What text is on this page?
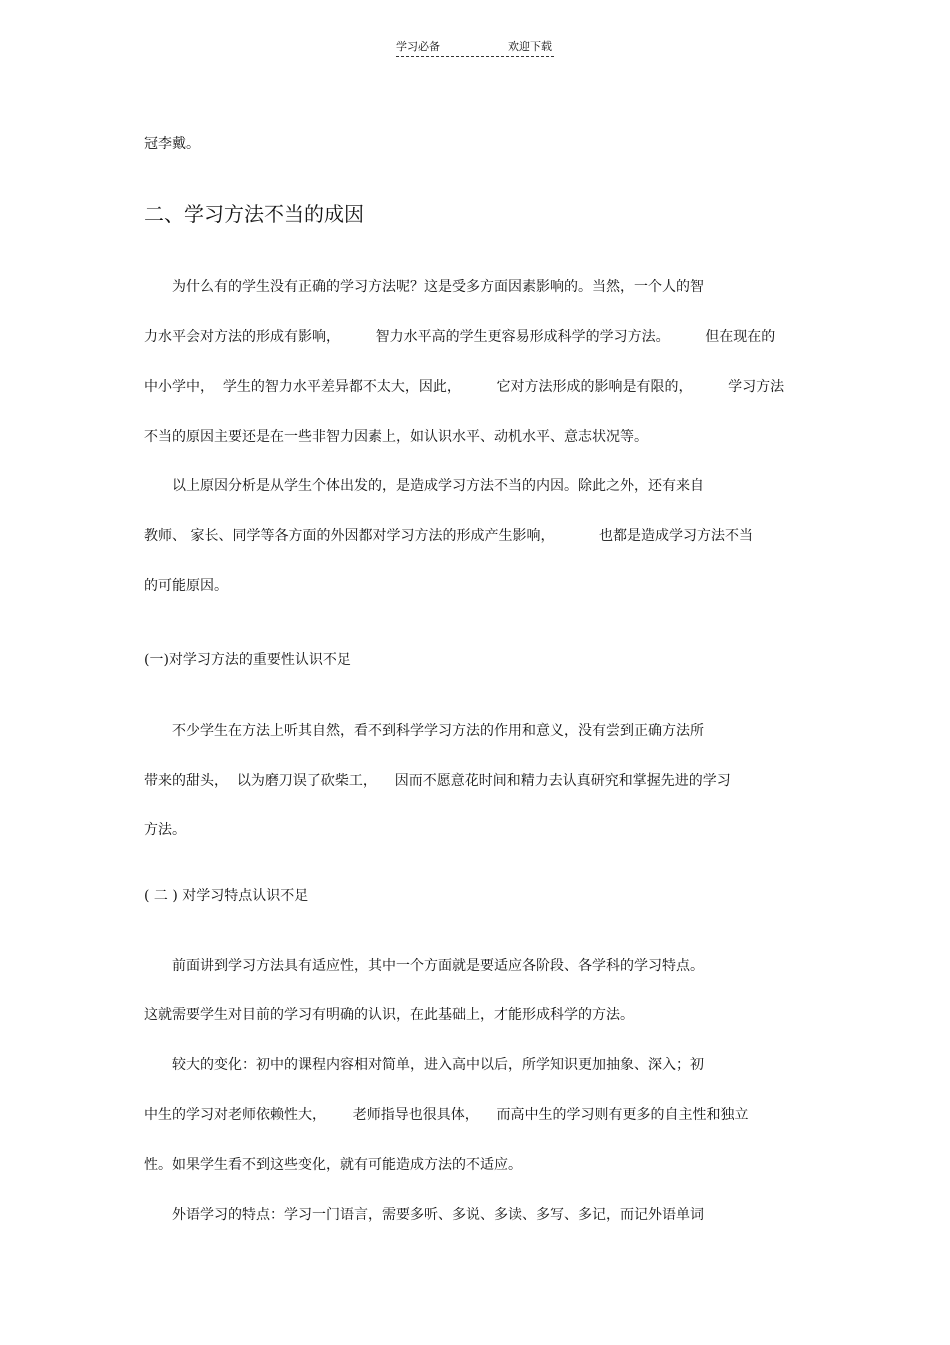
学习必备	欢迎下载
冠李戴。
二、学习方法不当的成因
为什么有的学生没有正确的学习方法呢？这是受多方面因素影响的。当然，一个人的智
力水平会对方法的形成有影响，        智力水平高的学生更容易形成科学的学习方法。        但在现在的
中小学中，  学生的智力水平差异都不太大，因此，        它对方法形成的影响是有限的，        学习方法
不当的原因主要还是在一些非智力因素上，如认识水平、动机水平、意志状况等。
以上原因分析是从学生个体出发的，是造成学习方法不当的内因。除此之外，还有来自
教师、 家长、同学等各方面的外因都对学习方法的形成产生影响，          也都是造成学习方法不当
的可能原因。
(一)对学习方法的重要性认识不足
不少学生在方法上听其自然，看不到科学学习方法的作用和意义，没有尝到正确方法所
带来的甜头，  以为磨刀误了砍柴工，    因而不愿意花时间和精力去认真研究和掌握先进的学习
方法。
( 二 ) 对学习特点认识不足
前面讲到学习方法具有适应性，其中一个方面就是要适应各阶段、各学科的学习特点。
这就需要学生对目前的学习有明确的认识，在此基础上，才能形成科学的方法。
较大的变化：初中的课程内容相对简单，进入高中以后，所学知识更加抽象、深入；初
中生的学习对老师依赖性大，      老师指导也很具体，    而高中生的学习则有更多的自主性和独立
性。如果学生看不到这些变化，就有可能造成方法的不适应。
外语学习的特点：学习一门语言，需要多听、多说、多读、多写、多记，而记外语单词
